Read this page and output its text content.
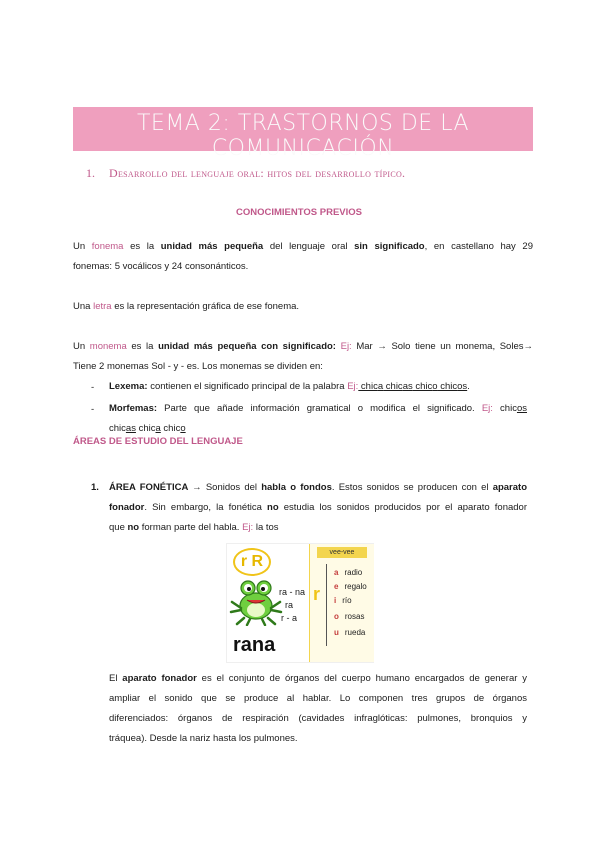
TEMA 2: TRASTORNOS DE LA COMUNICACIÓN
1. Desarrollo del lenguaje oral: hitos del desarrollo típico.
CONOCIMIENTOS PREVIOS
Un fonema es la unidad más pequeña del lenguaje oral sin significado, en castellano hay 29
fonemas: 5 vocálicos y 24 consonánticos.
Una letra es la representación gráfica de ese fonema.
Un monema es la unidad más pequeña con significado: Ej: Mar → Solo tiene un monema, Soles→
Tiene 2 monemas Sol - y - es. Los monemas se dividen en:
- Lexema: contienen el significado principal de la palabra Ej: chica chicas chico chicos.
- Morfemas: Parte que añade información gramatical o modifica el significado. Ej: chicos
chicas chica chico
ÁREAS DE ESTUDIO DEL LENGUAJE
1. ÁREA FONÉTICA → Sonidos del habla o fondos. Estos sonidos se producen con el aparato
fonador. Sin embargo, la fonética no estudia los sonidos producidos por el aparato fonador
que no forman parte del habla. Ej: la tos
r R
ra - na
ra
r - a
rana
vee-vee
r
a radio
e regalo
i río
o rosas
u rueda
El aparato fonador es el conjunto de órganos del cuerpo humano encargados de generar y
ampliar el sonido que se produce al hablar. Lo componen tres grupos de órganos
diferenciados: órganos de respiración (cavidades infraglóticas: pulmones, bronquios y
tráquea). Desde la nariz hasta los pulmones.
